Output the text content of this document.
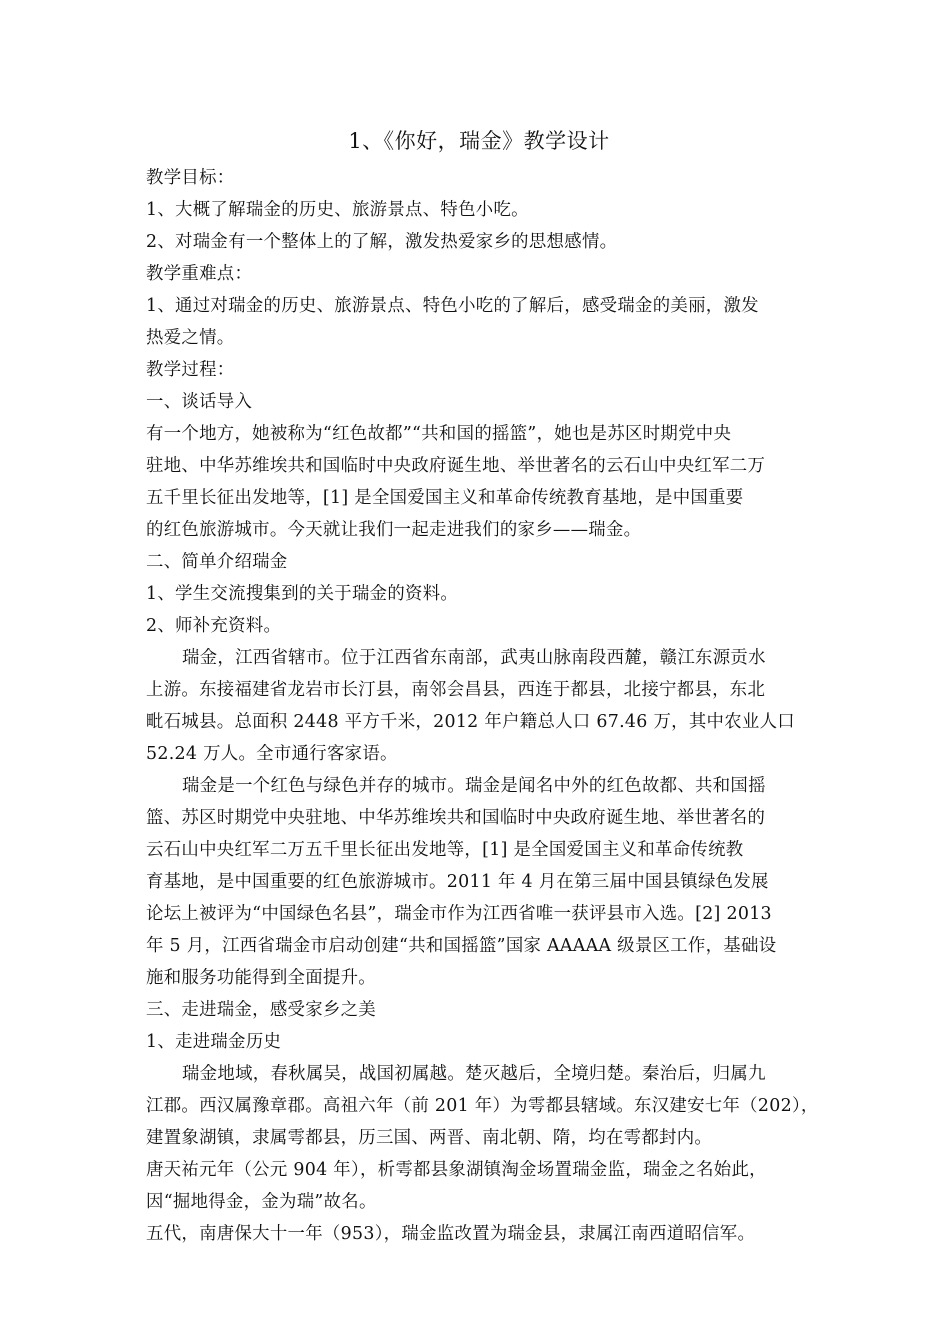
1、《你好，瑞金》教学设计

教学目标：

1、大概了解瑞金的历史、旅游景点、特色小吃。

2、对瑞金有一个整体上的了解，激发热爱家乡的思想感情。

教学重难点：

1、通过对瑞金的历史、旅游景点、特色小吃的了解后，感受瑞金的美丽，激发

热爱之情。

教学过程：

一、谈话导入

有一个地方，她被称为“红色故都”“共和国的摇篮”，她也是苏区时期党中央

驻地、中华苏维埃共和国临时中央政府诞生地、举世著名的云石山中央红军二万

五千里长征出发地等，[1] 是全国爱国主义和革命传统教育基地，是中国重要

的红色旅游城市。今天就让我们一起走进我们的家乡——瑞金。

二、简单介绍瑞金

1、学生交流搜集到的关于瑞金的资料。

2、师补充资料。

瑞金，江西省辖市。位于江西省东南部，武夷山脉南段西麓，赣江东源贡水

上游。东接福建省龙岩市长汀县，南邻会昌县，西连于都县，北接宁都县，东北

毗石城县。总面积 2448 平方千米，2012 年户籍总人口 67.46 万，其中农业人口

52.24 万人。全市通行客家语。

瑞金是一个红色与绿色并存的城市。瑞金是闻名中外的红色故都、共和国摇

篮、苏区时期党中央驻地、中华苏维埃共和国临时中央政府诞生地、举世著名的

云石山中央红军二万五千里长征出发地等，[1] 是全国爱国主义和革命传统教

育基地，是中国重要的红色旅游城市。2011 年 4 月在第三届中国县镇绿色发展

论坛上被评为“中国绿色名县”，瑞金市作为江西省唯一获评县市入选。[2] 2013

年 5 月，江西省瑞金市启动创建“共和国摇篮”国家 AAAAA 级景区工作，基础设

施和服务功能得到全面提升。

三、走进瑞金，感受家乡之美

1、走进瑞金历史

瑞金地域，春秋属吴，战国初属越。楚灭越后，全境归楚。秦治后，归属九

江郡。西汉属豫章郡。高祖六年（前 201 年）为雩都县辖域。东汉建安七年（202），

建置象湖镇，隶属雩都县，历三国、两晋、南北朝、隋，均在雩都封内。

唐天祐元年（公元 904 年），析雩都县象湖镇淘金场置瑞金监，瑞金之名始此，

因“掘地得金，金为瑞”故名。

五代，南唐保大十一年（953），瑞金监改置为瑞金县，隶属江南西道昭信军。
